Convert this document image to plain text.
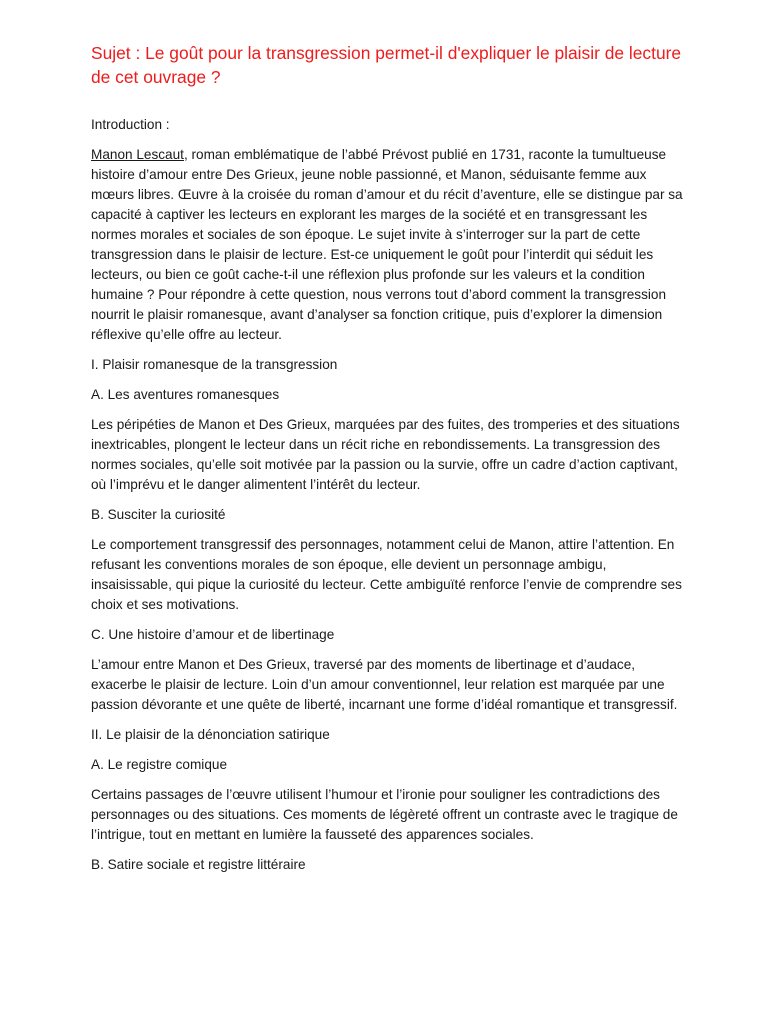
Sujet : Le goût pour la transgression permet-il d'expliquer le plaisir de lecture de cet ouvrage ?

Introduction :

Manon Lescaut, roman emblématique de l’abbé Prévost publié en 1731, raconte la tumultueuse histoire d’amour entre Des Grieux, jeune noble passionné, et Manon, séduisante femme aux mœurs libres. Œuvre à la croisée du roman d’amour et du récit d’aventure, elle se distingue par sa capacité à captiver les lecteurs en explorant les marges de la société et en transgressant les normes morales et sociales de son époque. Le sujet invite à s’interroger sur la part de cette transgression dans le plaisir de lecture. Est-ce uniquement le goût pour l’interdit qui séduit les lecteurs, ou bien ce goût cache-t-il une réflexion plus profonde sur les valeurs et la condition humaine ? Pour répondre à cette question, nous verrons tout d’abord comment la transgression nourrit le plaisir romanesque, avant d’analyser sa fonction critique, puis d’explorer la dimension réflexive qu’elle offre au lecteur.

I. Plaisir romanesque de la transgression

A. Les aventures romanesques

Les péripéties de Manon et Des Grieux, marquées par des fuites, des tromperies et des situations inextricables, plongent le lecteur dans un récit riche en rebondissements. La transgression des normes sociales, qu’elle soit motivée par la passion ou la survie, offre un cadre d’action captivant, où l’imprévu et le danger alimentent l’intérêt du lecteur.

B. Susciter la curiosité

Le comportement transgressif des personnages, notamment celui de Manon, attire l’attention. En refusant les conventions morales de son époque, elle devient un personnage ambigu, insaisissable, qui pique la curiosité du lecteur. Cette ambiguïté renforce l’envie de comprendre ses choix et ses motivations.

C. Une histoire d’amour et de libertinage

L’amour entre Manon et Des Grieux, traversé par des moments de libertinage et d’audace, exacerbe le plaisir de lecture. Loin d’un amour conventionnel, leur relation est marquée par une passion dévorante et une quête de liberté, incarnant une forme d’idéal romantique et transgressif.

II. Le plaisir de la dénonciation satirique

A. Le registre comique

Certains passages de l’œuvre utilisent l’humour et l’ironie pour souligner les contradictions des personnages ou des situations. Ces moments de légèreté offrent un contraste avec le tragique de l’intrigue, tout en mettant en lumière la fausseté des apparences sociales.

B. Satire sociale et registre littéraire
